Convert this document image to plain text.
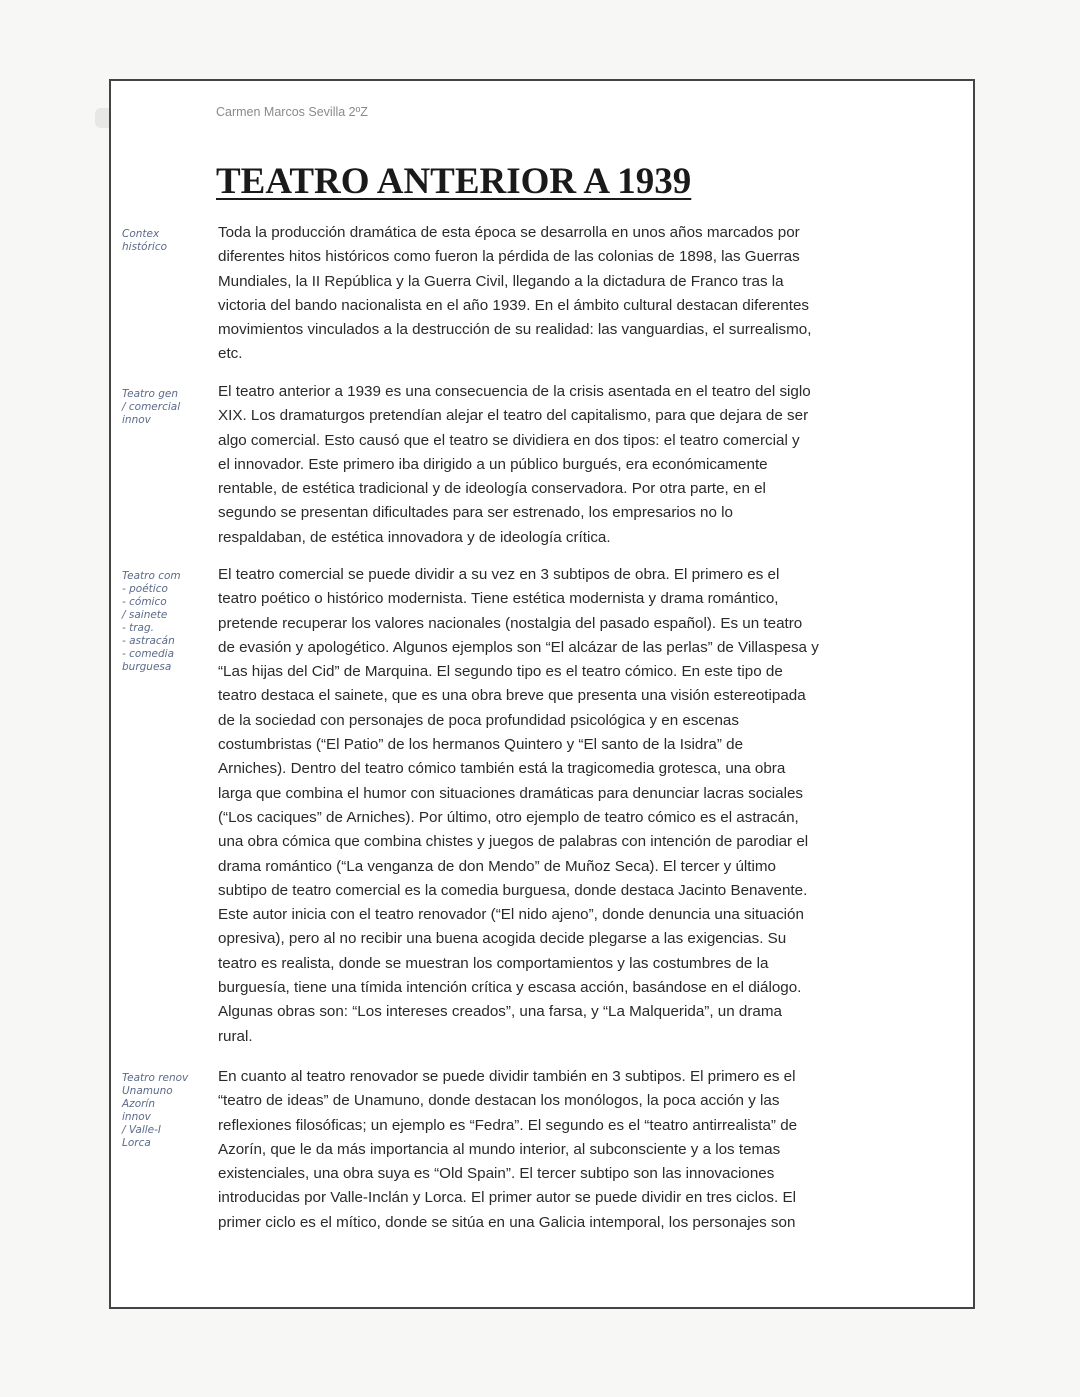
Carmen Marcos Sevilla 2ºZ
TEATRO ANTERIOR A 1939
Contex
histórico
Teatro gen
/ comercial
innov
Teatro com
- poético
- cómico
/ sainete
- trag.
- astracán
- comedia
burguesa
Teatro renov
Unamuno
Azorín
innov
/ Valle-I
Lorca
Toda la producción dramática de esta época se desarrolla en unos años marcados por
diferentes hitos históricos como fueron la pérdida de las colonias de 1898, las Guerras
Mundiales, la II República y la Guerra Civil, llegando a la dictadura de Franco tras la
victoria del bando nacionalista en el año 1939. En el ámbito cultural destacan diferentes
movimientos vinculados a la destrucción de su realidad: las vanguardias, el surrealismo,
etc.
El teatro anterior a 1939 es una consecuencia de la crisis asentada en el teatro del siglo
XIX. Los dramaturgos pretendían alejar el teatro del capitalismo, para que dejara de ser
algo comercial. Esto causó que el teatro se dividiera en dos tipos: el teatro comercial y
el innovador. Este primero iba dirigido a un público burgués, era económicamente
rentable, de estética tradicional y de ideología conservadora. Por otra parte, en el
segundo se presentan dificultades para ser estrenado, los empresarios no lo
respaldaban, de estética innovadora y de ideología crítica.
El teatro comercial se puede dividir a su vez en 3 subtipos de obra. El primero es el
teatro poético o histórico modernista. Tiene estética modernista y drama romántico,
pretende recuperar los valores nacionales (nostalgia del pasado español). Es un teatro
de evasión y apologético. Algunos ejemplos son “El alcázar de las perlas” de Villaspesa y
“Las hijas del Cid” de Marquina. El segundo tipo es el teatro cómico. En este tipo de
teatro destaca el sainete, que es una obra breve que presenta una visión estereotipada
de la sociedad con personajes de poca profundidad psicológica y en escenas
costumbristas (“El Patio” de los hermanos Quintero y “El santo de la Isidra” de
Arniches). Dentro del teatro cómico también está la tragicomedia grotesca, una obra
larga que combina el humor con situaciones dramáticas para denunciar lacras sociales
(“Los caciques” de Arniches). Por último, otro ejemplo de teatro cómico es el astracán,
una obra cómica que combina chistes y juegos de palabras con intención de parodiar el
drama romántico (“La venganza de don Mendo” de Muñoz Seca). El tercer y último
subtipo de teatro comercial es la comedia burguesa, donde destaca Jacinto Benavente.
Este autor inicia con el teatro renovador (“El nido ajeno”, donde denuncia una situación
opresiva), pero al no recibir una buena acogida decide plegarse a las exigencias. Su
teatro es realista, donde se muestran los comportamientos y las costumbres de la
burguesía, tiene una tímida intención crítica y escasa acción, basándose en el diálogo.
Algunas obras son: “Los intereses creados”, una farsa, y “La Malquerida”, un drama
rural.
En cuanto al teatro renovador se puede dividir también en 3 subtipos. El primero es el
“teatro de ideas” de Unamuno, donde destacan los monólogos, la poca acción y las
reflexiones filosóficas; un ejemplo es “Fedra”. El segundo es el “teatro antirrealista” de
Azorín, que le da más importancia al mundo interior, al subconsciente y a los temas
existenciales, una obra suya es “Old Spain”. El tercer subtipo son las innovaciones
introducidas por Valle-Inclán y Lorca. El primer autor se puede dividir en tres ciclos. El
primer ciclo es el mítico, donde se sitúa en una Galicia intemporal, los personajes son
